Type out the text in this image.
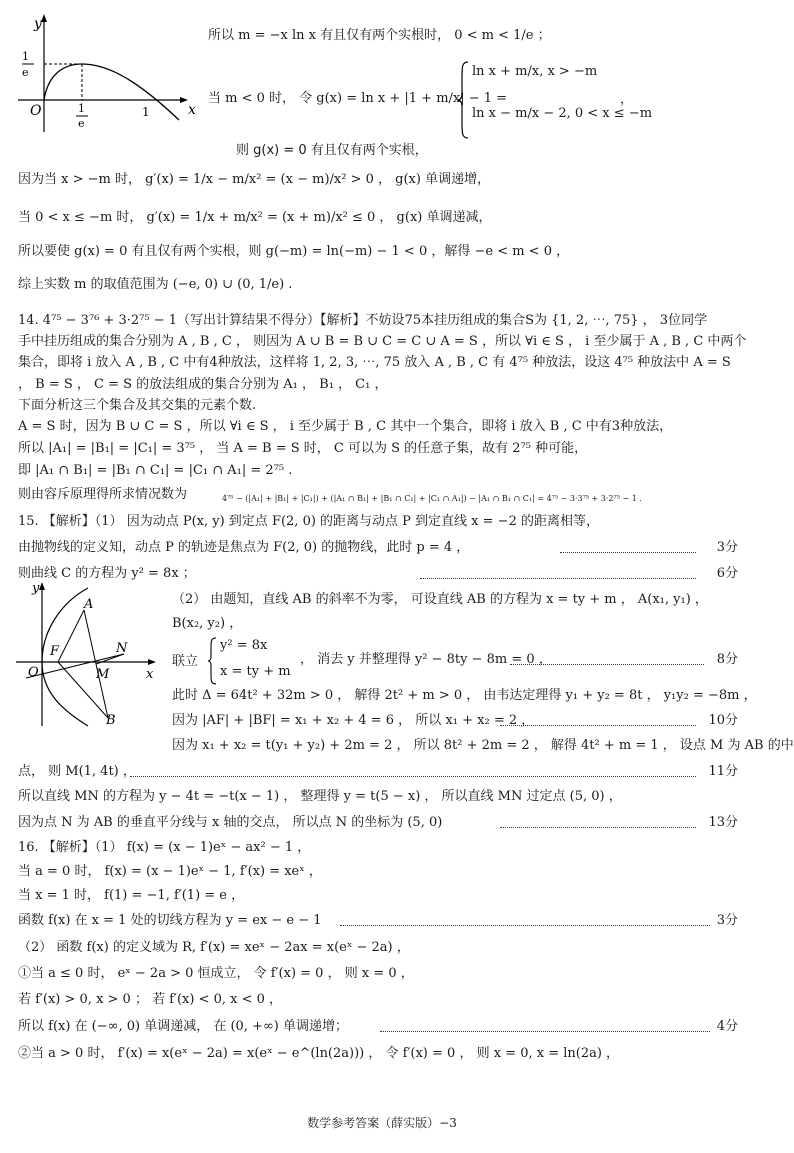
y
x
O
1
e
1
e
1
y
x
O
F	N
A
B
M
所以 m = −x ln x 有且仅有两个实根时， 0 < m < 1/e ；
当 m < 0 时， 令 g(x) = ln x + |1 + m/x| − 1 =
ln x + m/x, x > −m
ln x − m/x − 2, 0 < x ≤ −m
，
则 g(x) = 0 有且仅有两个实根，
因为当 x > −m 时， g′(x) = 1/x − m/x² = (x − m)/x² > 0 ， g(x) 单调递增，
当 0 < x ≤ −m 时， g′(x) = 1/x + m/x² = (x + m)/x² ≤ 0 ， g(x) 单调递减，
所以要使 g(x) = 0 有且仅有两个实根，则 g(−m) = ln(−m) − 1 < 0 ，解得 −e < m < 0 ，
综上实数 m 的取值范围为 (−e, 0) ∪ (0, 1/e) .
14. 4⁷⁵ − 3⁷⁶ + 3·2⁷⁵ − 1（写出计算结果不得分）【解析】不妨设75本挂历组成的集合S为 {1, 2, ⋯, 75} ， 3位同学
手中挂历组成的集合分别为 A , B , C ， 则因为 A ∪ B = B ∪ C = C ∪ A = S ，所以 ∀i ∈ S ， i 至少属于 A , B , C 中两个
集合，即将 i 放入 A , B , C 中有4种放法，这样将 1, 2, 3, ⋯, 75 放入 A , B , C 有 4⁷⁵ 种放法，设这 4⁷⁵ 种放法中 A = S
， B = S ， C = S 的放法组成的集合分别为 A₁ ， B₁ ， C₁ ，
下面分析这三个集合及其交集的元素个数.
A = S 时，因为 B ∪ C = S ，所以 ∀i ∈ S ， i 至少属于 B , C 其中一个集合，即将 i 放入 B , C 中有3种放法，
所以 |A₁| = |B₁| = |C₁| = 3⁷⁵ ， 当 A = B = S 时， C 可以为 S 的任意子集，故有 2⁷⁵ 种可能，
即 |A₁ ∩ B₁| = |B₁ ∩ C₁| = |C₁ ∩ A₁| = 2⁷⁵ .
则由容斥原理得所求情况数为	4⁷⁵ − (|A₁| + |B₁| + |C₁|) + (|A₁ ∩ B₁| + |B₁ ∩ C₁| + |C₁ ∩ A₁|) − |A₁ ∩ B₁ ∩ C₁| = 4⁷⁵ − 3·3⁷⁵ + 3·2⁷⁵ − 1 .
15. 【解析】（1） 因为动点 P(x, y) 到定点 F(2, 0) 的距离与动点 P 到定直线 x = −2 的距离相等，
由抛物线的定义知，动点 P 的轨迹是焦点为 F(2, 0) 的抛物线，此时 p = 4 ，	3分
则曲线 C 的方程为 y² = 8x ；	6分
（2） 由题知，直线 AB 的斜率不为零， 可设直线 AB 的方程为 x = ty + m ， A(x₁, y₁) ，
B(x₂, y₂) ，
联立
y² = 8x
x = ty + m
， 消去 y 并整理得 y² − 8ty − 8m = 0 ，	8分
此时 Δ = 64t² + 32m > 0 ， 解得 2t² + m > 0 ， 由韦达定理得 y₁ + y₂ = 8t ， y₁y₂ = −8m ，
因为 |AF| + |BF| = x₁ + x₂ + 4 = 6 ， 所以 x₁ + x₂ = 2 ，	10分
因为 x₁ + x₂ = t(y₁ + y₂) + 2m = 2 ， 所以 8t² + 2m = 2 ， 解得 4t² + m = 1 ， 设点 M 为 AB 的中
点， 则 M(1, 4t) ，	11分
所以直线 MN 的方程为 y − 4t = −t(x − 1) ， 整理得 y = t(5 − x) ， 所以直线 MN 过定点 (5, 0) ，
因为点 N 为 AB 的垂直平分线与 x 轴的交点， 所以点 N 的坐标为 (5, 0)	13分
16. 【解析】（1） f(x) = (x − 1)eˣ − ax² − 1 ，
当 a = 0 时， f(x) = (x − 1)eˣ − 1, f′(x) = xeˣ ，
当 x = 1 时， f(1) = −1, f′(1) = e ，
函数 f(x) 在 x = 1 处的切线方程为 y = ex − e − 1	3分
（2） 函数 f(x) 的定义域为 R, f′(x) = xeˣ − 2ax = x(eˣ − 2a) ，
①当 a ≤ 0 时， eˣ − 2a > 0 恒成立， 令 f′(x) = 0 ， 则 x = 0 ，
若 f′(x) > 0, x > 0 ； 若 f′(x) < 0, x < 0 ，
所以 f(x) 在 (−∞, 0) 单调递减， 在 (0, +∞) 单调递增；	4分
②当 a > 0 时， f′(x) = x(eˣ − 2a) = x(eˣ − e^(ln(2a))) ， 令 f′(x) = 0 ， 则 x = 0, x = ln(2a) ，
数学参考答案（薛实版）−3
